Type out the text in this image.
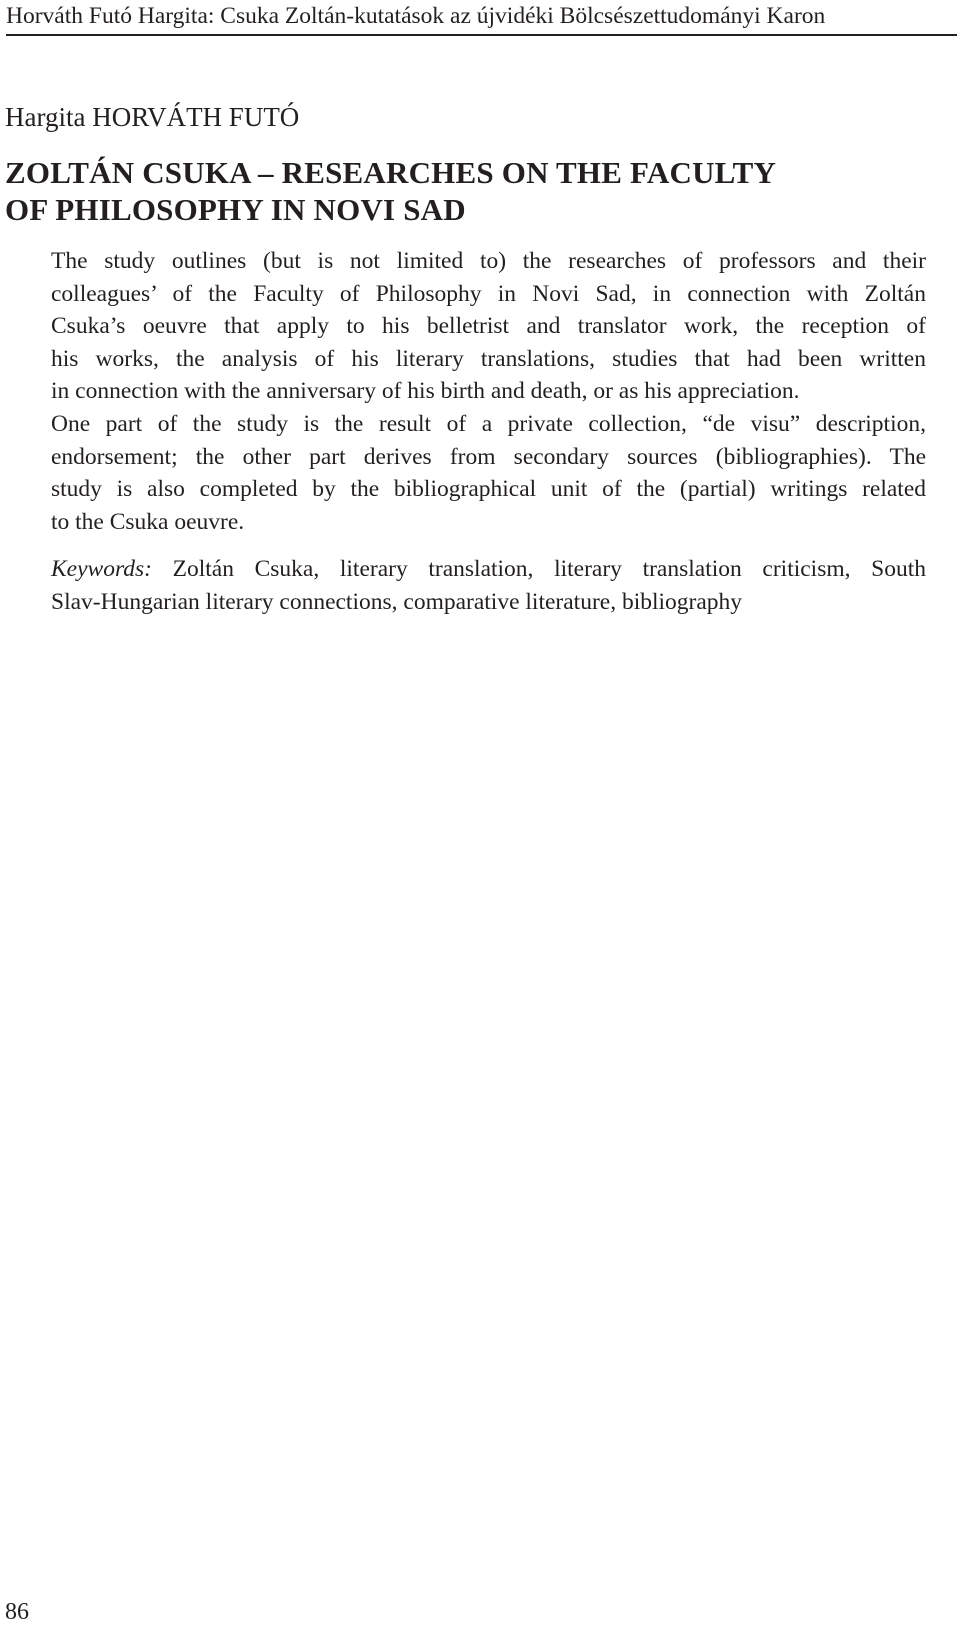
Horváth Futó Hargita: Csuka Zoltán-kutatások az újvidéki Bölcsészettudományi Karon
Hargita HORVÁTH FUTÓ
ZOLTÁN CSUKA – RESEARCHES ON THE FACULTY
OF PHILOSOPHY IN NOVI SAD
The study outlines (but is not limited to) the researches of professors and their
colleagues’ of the Faculty of Philosophy in Novi Sad, in connection with Zoltán
Csuka’s oeuvre that apply to his belletrist and translator work, the reception of
his works, the analysis of his literary translations, studies that had been written
in connection with the anniversary of his birth and death, or as his appreciation.
One part of the study is the result of a private collection, “de visu” description,
endorsement; the other part derives from secondary sources (bibliographies). The
study is also completed by the bibliographical unit of the (partial) writings related
to the Csuka oeuvre.
Keywords: Zoltán Csuka, literary translation, literary translation criticism, South
Slav-Hungarian literary connections, comparative literature, bibliography
86
